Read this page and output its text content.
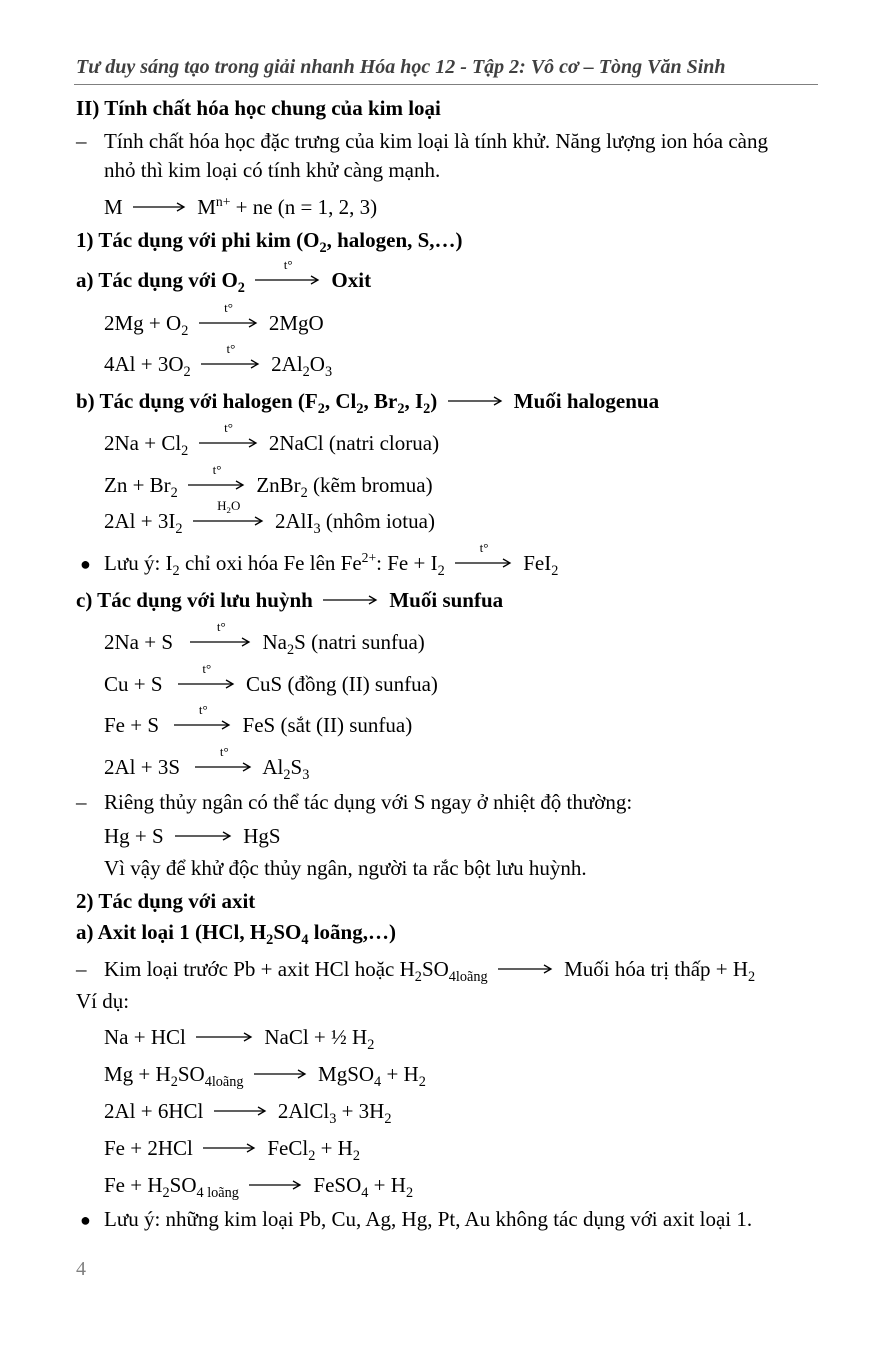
Tư duy sáng tạo trong giải nhanh Hóa học 12 - Tập 2: Vô cơ – Tòng Văn Sinh
II) Tính chất hóa học chung của kim loại
– Tính chất hóa học đặc trưng của kim loại là tính khử. Năng lượng ion hóa càng
nhỏ thì kim loại có tính khử càng mạnh.
$M \to M^{n+}$ + ne (n = 1, 2, 3)
1) Tác dụng với phi kim ($O_2$, halogen, S,…)
a) Tác dụng với $O_2$
t°
Oxit
$2Mg + O_2$
t°
2MgO
$4Al + 3O_2$
t°
$2Al_2O_3$
b) Tác dụng với halogen ($F_2$, $Cl_2$, $Br_2$, $I_2$) → Muối halogenua
$2Na + Cl_2$
t°
2NaCl (natri clorua)
$Zn + Br_2$
t°
ZnBr$_2$ (kẽm bromua)
$2Al + 3I_2$
$H_2O$
2AlI$_3$ (nhôm iotua)
● Lưu ý: $I_2$ chỉ oxi hóa Fe lên $Fe^{2+}$: $Fe + I_2$
t°
FeI$_2$
c) Tác dụng với lưu huỳnh → Muối sunfua
2Na + S
t°
$Na_2S$ (natri sunfua)
Cu + S
t°
CuS (đồng (II) sunfua)
Fe + S
t°
FeS (sắt (II) sunfua)
2Al + 3S
t°
$Al_2S_3$
– Riêng thủy ngân có thể tác dụng với S ngay ở nhiệt độ thường:
Hg + S → HgS
Vì vậy để khử độc thủy ngân, người ta rắc bột lưu huỳnh.
2) Tác dụng với axit
a) Axit loại 1 (HCl, $H_2SO_4$ loãng,…)
– Kim loại trước Pb + axit HCl hoặc $H_2SO_{4loãng}$ → Muối hóa trị thấp + $H_2$
Ví dụ:
Na + HCl → NaCl + ½ $H_2$
$Mg + H_2SO_{4loãng}$ → MgSO$_4$ + $H_2$
2Al + 6HCl → 2AlCl$_3$ + $3H_2$
Fe + 2HCl → FeCl$_2$ + $H_2$
$Fe + H_2SO_{4 loãng}$ → FeSO$_4$ + $H_2$
● Lưu ý: những kim loại Pb, Cu, Ag, Hg, Pt, Au không tác dụng với axit loại 1.
4
